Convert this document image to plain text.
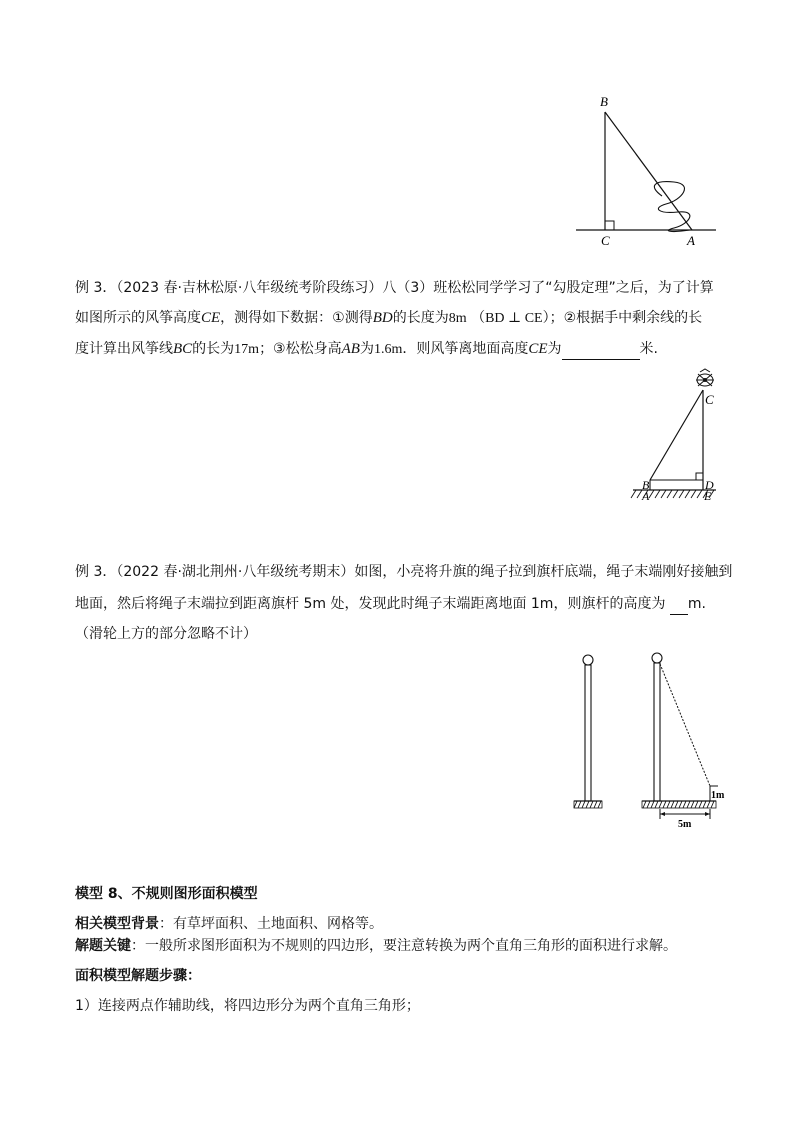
B
C	A
例 3．（2023 春·吉林松原·八年级统考阶段练习）八（3）班松松同学学习了“勾股定理”之后，为了计算
如图所示的风筝高度CE，测得如下数据：①测得BD的长度为8m （BD ⊥ CE）；②根据手中剩余线的长
度计算出风筝线BC的长为17m；③松松身高AB为1.6m．则风筝离地面高度CE为	米.
C
B	D
A	E
例 3．（2022 春·湖北荆州·八年级统考期末）如图，小亮将升旗的绳子拉到旗杆底端，绳子末端刚好接触到
地面，然后将绳子末端拉到距离旗杆 5m 处，发现此时绳子末端距离地面 1m，则旗杆的高度为 m.
（滑轮上方的部分忽略不计）
1m
5m
模型 8、不规则图形面积模型
相关模型背景：有草坪面积、土地面积、网格等。
解题关键：一般所求图形面积为不规则的四边形，要注意转换为两个直角三角形的面积进行求解。
面积模型解题步骤：
1）连接两点作辅助线，将四边形分为两个直角三角形；
